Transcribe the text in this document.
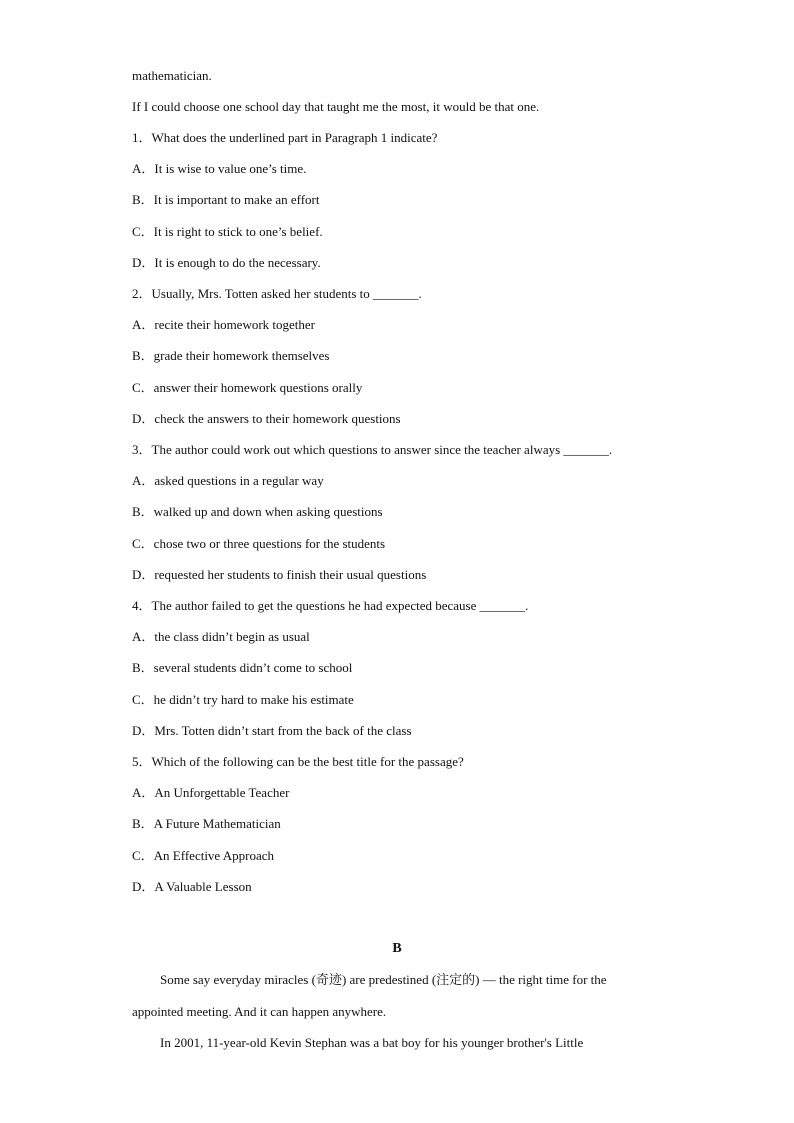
mathematician.
If I could choose one school day that taught me the most, it would be that one.
1．What does the underlined part in Paragraph 1 indicate?
A．It is wise to value one’s time.
B．It is important to make an effort
C．It is right to stick to one’s belief.
D．It is enough to do the necessary.
2．Usually, Mrs. Totten asked her students to _______.
A．recite their homework together
B．grade their homework themselves
C．answer their homework questions orally
D．check the answers to their homework questions
3．The author could work out which questions to answer since the teacher always _______.
A．asked questions in a regular way
B．walked up and down when asking questions
C．chose two or three questions for the students
D．requested her students to finish their usual questions
4．The author failed to get the questions he had expected because _______.
A．the class didn’t begin as usual
B．several students didn’t come to school
C．he didn’t try hard to make his estimate
D．Mrs. Totten didn’t start from the back of the class
5．Which of the following can be the best title for the passage?
A．An Unforgettable Teacher
B．A Future Mathematician
C．An Effective Approach
D．A Valuable Lesson
B
Some say everyday miracles (奇迹) are predestined (注定的) — the right time for the
appointed meeting. And it can happen anywhere.
In 2001, 11-year-old Kevin Stephan was a bat boy for his younger brother's Little
